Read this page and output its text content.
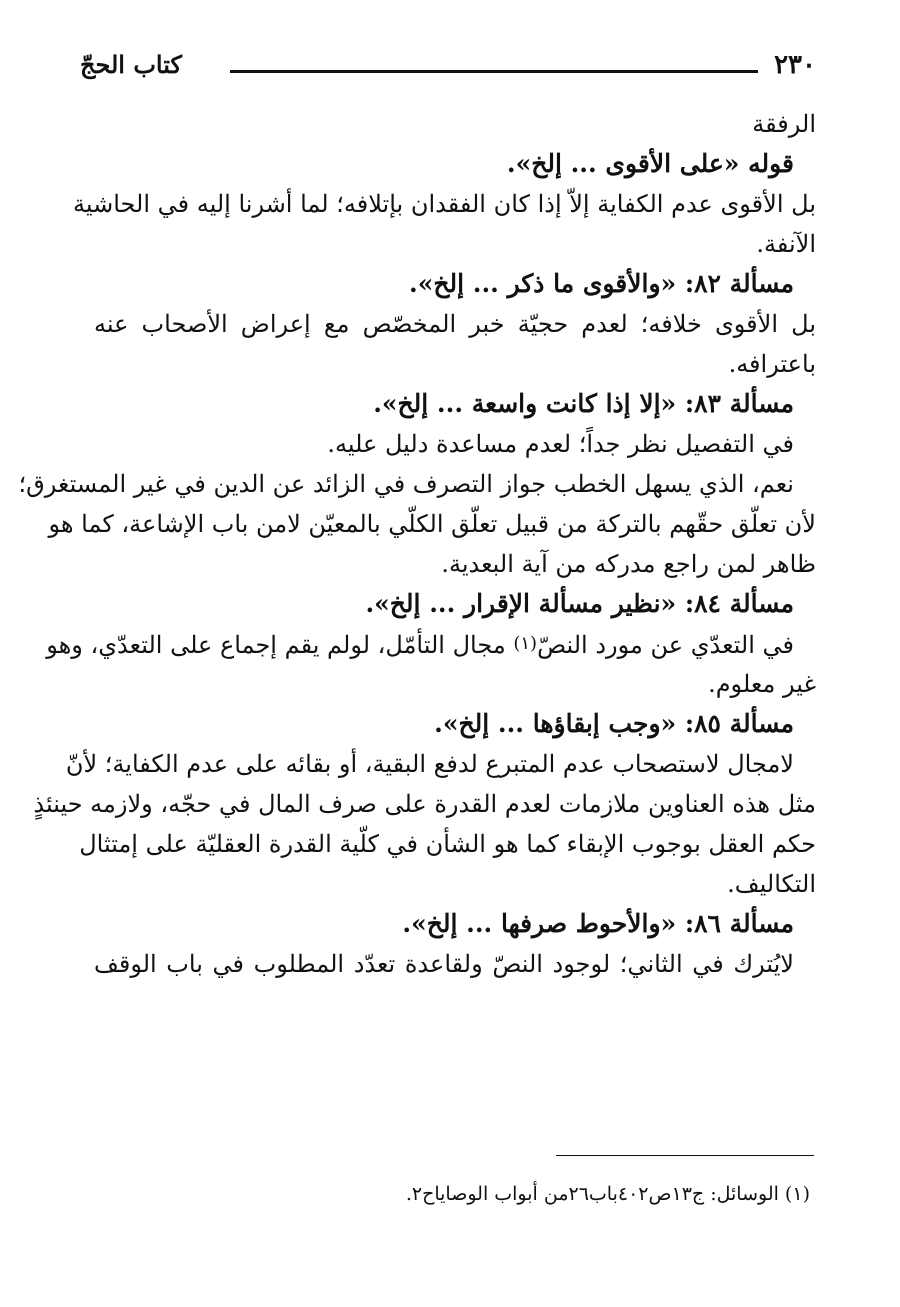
٢٣٠
كتاب الحجّ

الرفقة

قوله «على الأقوى ... إلخ».

بل الأقوى عدم الكفاية إلاّ إذا كان الفقدان بإتلافه؛ لما أشرنا إليه في الحاشية

الآنفة.

مسألة ٨٢: «والأقوى ما ذكر ... إلخ».

بل الأقوى خلافه؛ لعدم حجيّة خبر المخصّص مع إعراض الأصحاب عنه

باعترافه.

مسألة ٨٣: «إلا إذا كانت واسعة ... إلخ».

في التفصيل نظر جداً؛ لعدم مساعدة دليل عليه.

نعم، الذي يسهل الخطب جواز التصرف في الزائد عن الدين في غير المستغرق؛

لأن تعلّق حقّهم بالتركة من قبيل تعلّق الكلّي بالمعيّن لامن باب الإشاعة، كما هو

ظاهر لمن راجع مدركه من آية البعدية.

مسألة ٨٤: «نظير مسألة الإقرار ... إلخ».

في التعدّي عن مورد النصّ(١) مجال التأمّل، لولم يقم إجماع على التعدّي، وهو

غير معلوم.

مسألة ٨٥: «وجب إبقاؤها ... إلخ».

لامجال لاستصحاب عدم المتبرع لدفع البقية، أو بقائه على عدم الكفاية؛ لأنّ

مثل هذه العناوين ملازمات لعدم القدرة على صرف المال في حجّه، ولازمه حينئذٍ

حكم العقل بوجوب الإبقاء كما هو الشأن في كلّية القدرة العقليّة على إمتثال

التكاليف.

مسألة ٨٦: «والأحوط صرفها ... إلخ».

لايُترك في الثاني؛ لوجود النصّ ولقاعدة تعدّد المطلوب في باب الوقف

(١) الوسائل: ج١٣ص٤٠٢باب٢٦من أبواب الوصاياح٢.
